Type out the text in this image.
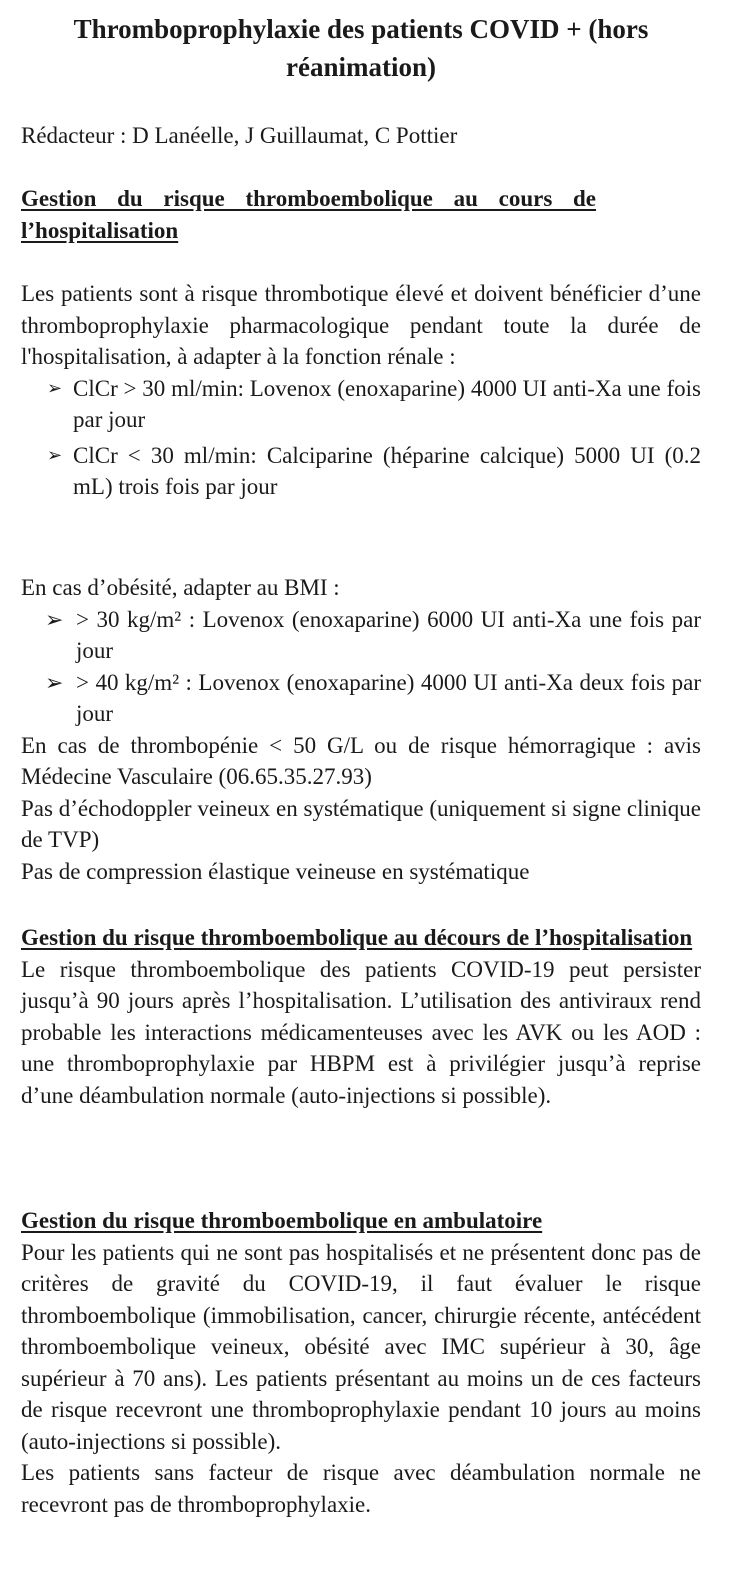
Thromboprophylaxie des patients COVID + (hors réanimation)

Rédacteur : D Lanéelle, J Guillaumat, C Pottier

Gestion du risque thromboembolique au cours de l’hospitalisation

Les patients sont à risque thrombotique élevé et doivent bénéficier d’une thromboprophylaxie pharmacologique pendant toute la durée de l'hospitalisation, à adapter à la fonction rénale :

➢ ClCr > 30 ml/min: Lovenox (enoxaparine) 4000 UI anti-Xa une fois par jour
➢ ClCr < 30 ml/min: Calciparine (héparine calcique) 5000 UI (0.2 mL) trois fois par jour

En cas d’obésité, adapter au BMI :

➢ > 30 kg/m² : Lovenox (enoxaparine) 6000 UI anti-Xa une fois par jour
➢ > 40 kg/m² : Lovenox (enoxaparine) 4000 UI anti-Xa deux fois par jour

En cas de thrombopénie < 50 G/L ou de risque hémorragique : avis Médecine Vasculaire (06.65.35.27.93)

Pas d’échodoppler veineux en systématique (uniquement si signe clinique de TVP)

Pas de compression élastique veineuse en systématique

Gestion du risque thromboembolique au décours de l’hospitalisation

Le risque thromboembolique des patients COVID-19 peut persister jusqu’à 90 jours après l’hospitalisation. L’utilisation des antiviraux rend probable les interactions médicamenteuses avec les AVK ou les AOD : une thromboprophylaxie par HBPM est à privilégier jusqu’à reprise d’une déambulation normale (auto-injections si possible).

Gestion du risque thromboembolique en ambulatoire

Pour les patients qui ne sont pas hospitalisés et ne présentent donc pas de critères de gravité du COVID-19, il faut évaluer le risque thromboembolique (immobilisation, cancer, chirurgie récente, antécédent thromboembolique veineux, obésité avec IMC supérieur à 30, âge supérieur à 70 ans). Les patients présentant au moins un de ces facteurs de risque recevront une thromboprophylaxie pendant 10 jours au moins (auto-injections si possible).

Les patients sans facteur de risque avec déambulation normale ne recevront pas de thromboprophylaxie.
